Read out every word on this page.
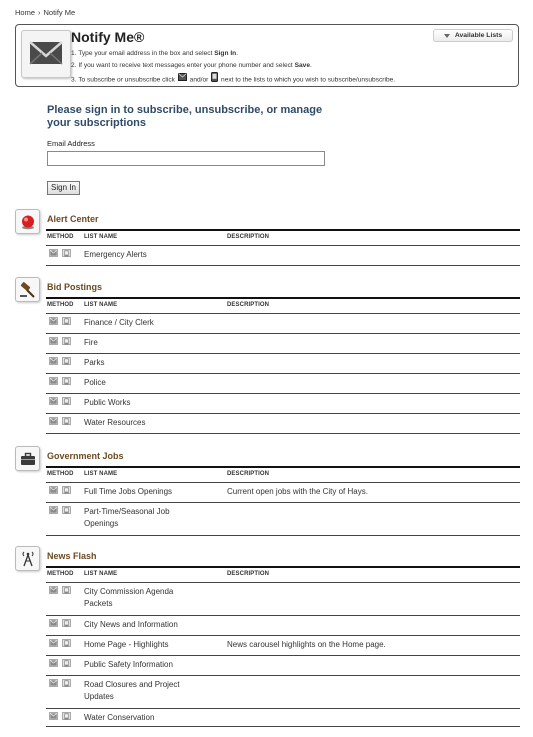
Home › Notify Me
Notify Me®
1. Type your email address in the box and select Sign In.
2. If you want to receive text messages enter your phone number and select Save.
3. To subscribe or unsubscribe click and/or next to the lists to which you wish to subscribe/unsubscribe.
Available Lists
Please sign in to subscribe, unsubscribe, or manage your subscriptions
Email Address
Sign In
Alert Center
METHOD LIST NAME	DESCRIPTION
Emergency Alerts
Bid Postings
METHOD LIST NAME	DESCRIPTION
Finance / City Clerk
Fire
Parks
Police
Public Works
Water Resources
Government Jobs
METHOD LIST NAME	DESCRIPTION
Full Time Jobs Openings	Current open jobs with the City of Hays.
Part-Time/Seasonal Job Openings
News Flash
METHOD LIST NAME	DESCRIPTION
City Commission Agenda Packets
City News and Information
Home Page - Highlights	News carousel highlights on the Home page.
Public Safety Information
Road Closures and Project Updates
Water Conservation
